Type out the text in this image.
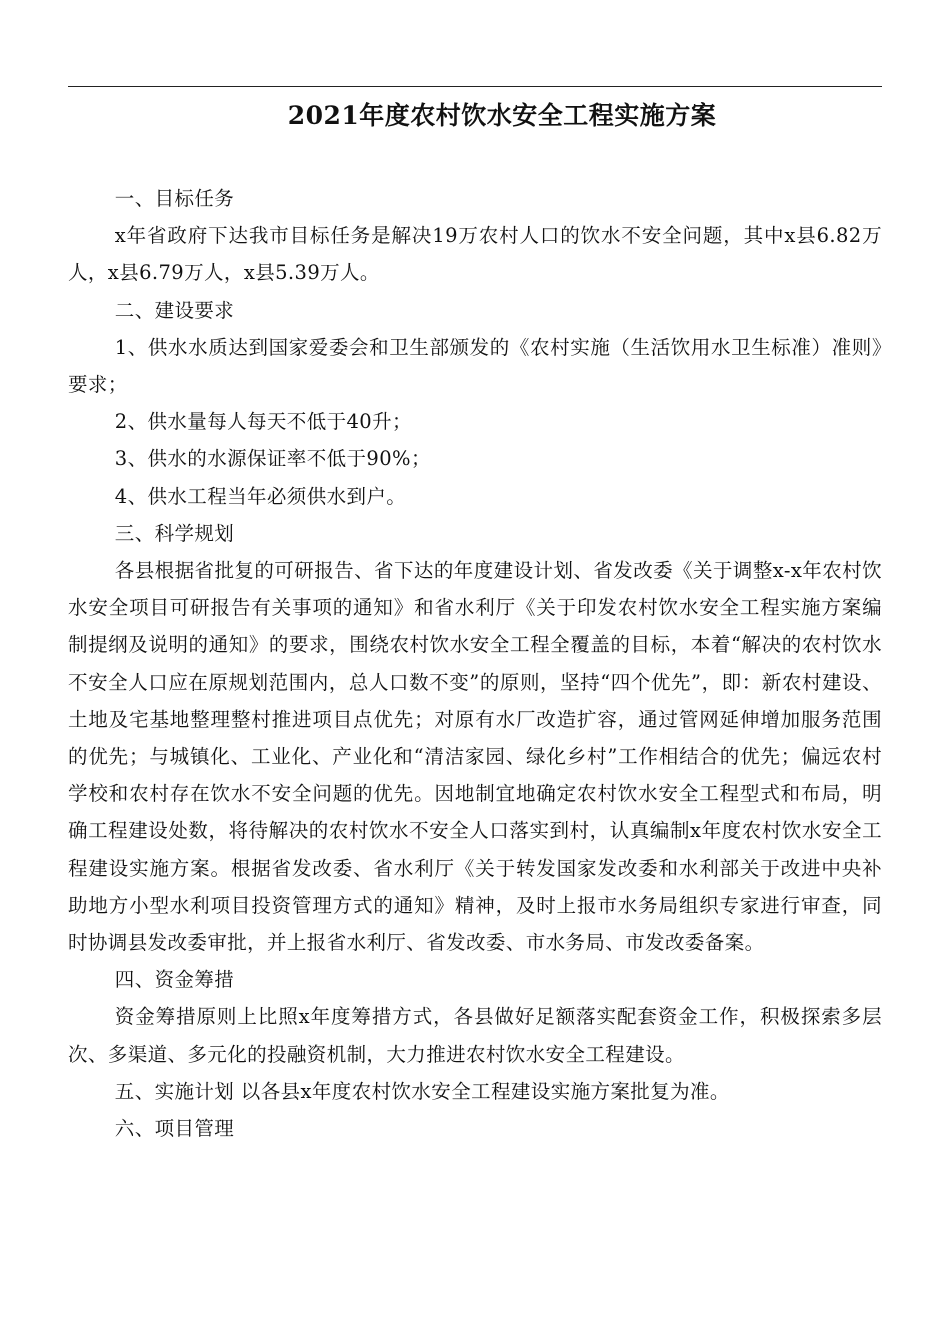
2021年度农村饮水安全工程实施方案

一、目标任务

x年省政府下达我市目标任务是解决19万农村人口的饮水不安全问题，其中x县6.82万人，x县6.79万人，x县5.39万人。

二、建设要求

1、供水水质达到国家爱委会和卫生部颁发的《农村实施（生活饮用水卫生标准）准则》要求；

2、供水量每人每天不低于40升；

3、供水的水源保证率不低于90%；

4、供水工程当年必须供水到户。

三、科学规划

各县根据省批复的可研报告、省下达的年度建设计划、省发改委《关于调整x-x年农村饮水安全项目可研报告有关事项的通知》和省水利厅《关于印发农村饮水安全工程实施方案编制提纲及说明的通知》的要求，围绕农村饮水安全工程全覆盖的目标，本着“解决的农村饮水不安全人口应在原规划范围内，总人口数不变”的原则，坚持“四个优先”，即：新农村建设、土地及宅基地整理整村推进项目点优先；对原有水厂改造扩容，通过管网延伸增加服务范围的优先；与城镇化、工业化、产业化和“清洁家园、绿化乡村”工作相结合的优先；偏远农村学校和农村存在饮水不安全问题的优先。因地制宜地确定农村饮水安全工程型式和布局，明确工程建设处数，将待解决的农村饮水不安全人口落实到村，认真编制x年度农村饮水安全工程建设实施方案。根据省发改委、省水利厅《关于转发国家发改委和水利部关于改进中央补助地方小型水利项目投资管理方式的通知》精神，及时上报市水务局组织专家进行审查，同时协调县发改委审批，并上报省水利厅、省发改委、市水务局、市发改委备案。

四、资金筹措

资金筹措原则上比照x年度筹措方式，各县做好足额落实配套资金工作，积极探索多层次、多渠道、多元化的投融资机制，大力推进农村饮水安全工程建设。

五、实施计划 以各县x年度农村饮水安全工程建设实施方案批复为准。

六、项目管理
